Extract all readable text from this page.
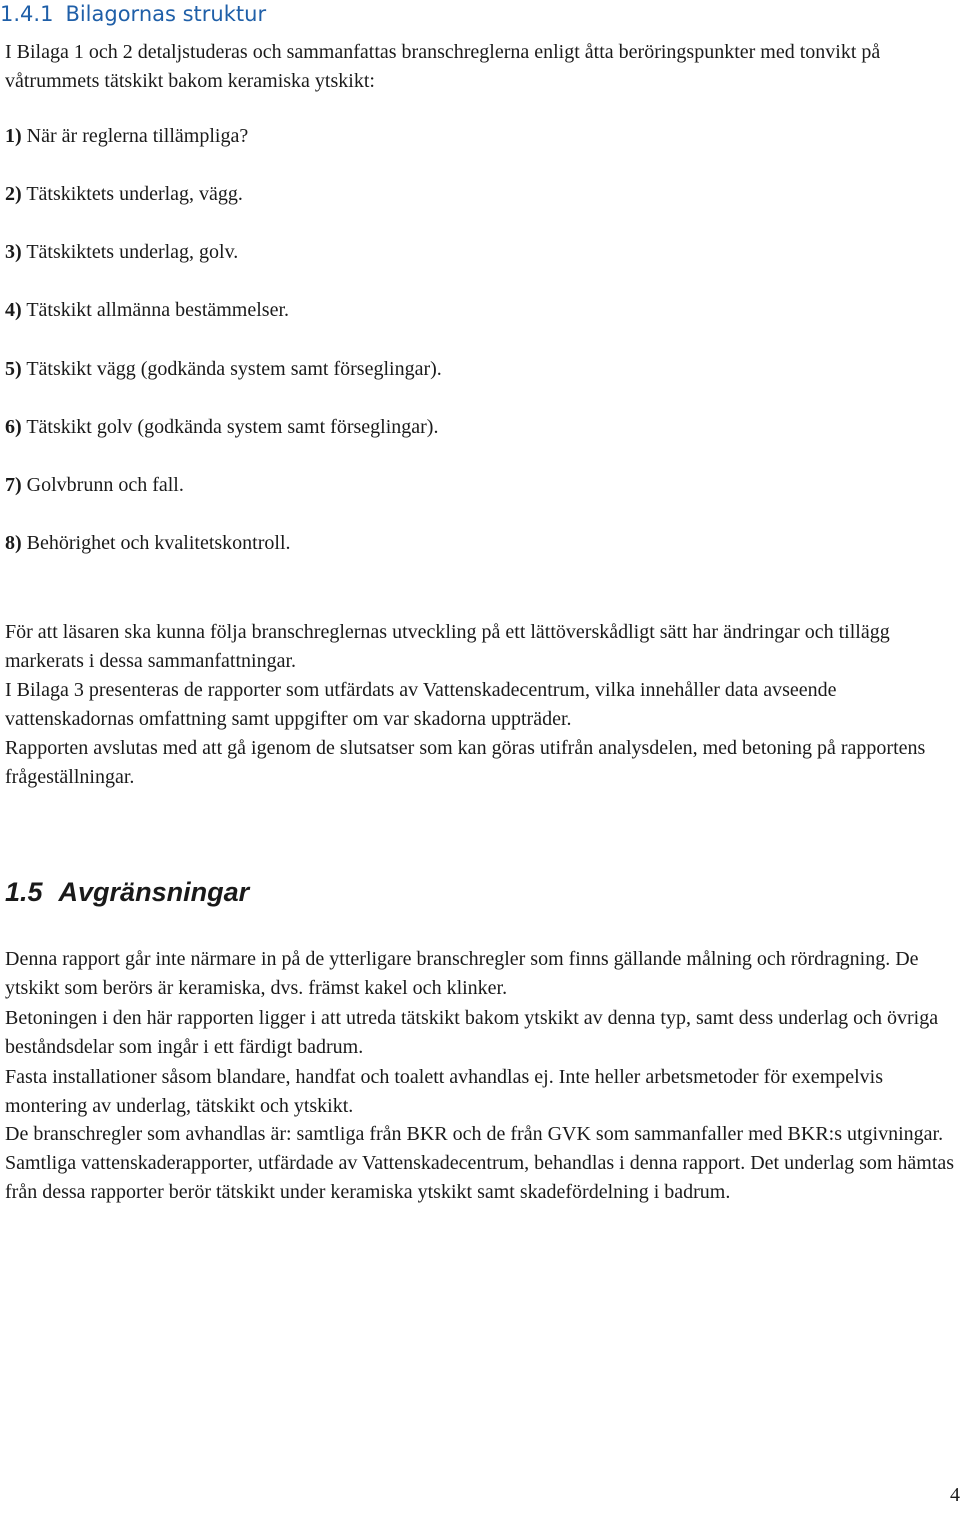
1.4.1 Bilagornas struktur

I Bilaga 1 och 2 detaljstuderas och sammanfattas branschreglerna enligt åtta beröringspunkter med tonvikt på våtrummets tätskikt bakom keramiska ytskikt:

1) När är reglerna tillämpliga?

2) Tätskiktets underlag, vägg.

3) Tätskiktets underlag, golv.

4) Tätskikt allmänna bestämmelser.

5) Tätskikt vägg (godkända system samt förseglingar).

6) Tätskikt golv (godkända system samt förseglingar).

7) Golvbrunn och fall.

8) Behörighet och kvalitetskontroll.

För att läsaren ska kunna följa branschreglernas utveckling på ett lättöverskådligt sätt har ändringar och tillägg markerats i dessa sammanfattningar.

I Bilaga 3 presenteras de rapporter som utfärdats av Vattenskadecentrum, vilka innehåller data avseende vattenskadornas omfattning samt uppgifter om var skadorna uppträder.

Rapporten avslutas med att gå igenom de slutsatser som kan göras utifrån analysdelen, med betoning på rapportens frågeställningar.

1.5 Avgränsningar

Denna rapport går inte närmare in på de ytterligare branschregler som finns gällande målning och rördragning. De ytskikt som berörs är keramiska, dvs. främst kakel och klinker.

Betoningen i den här rapporten ligger i att utreda tätskikt bakom ytskikt av denna typ, samt dess underlag och övriga beståndsdelar som ingår i ett färdigt badrum.

Fasta installationer såsom blandare, handfat och toalett avhandlas ej. Inte heller arbetsmetoder för exempelvis montering av underlag, tätskikt och ytskikt.

De branschregler som avhandlas är: samtliga från BKR och de från GVK som sammanfaller med BKR:s utgivningar. Samtliga vattenskaderapporter, utfärdade av Vattenskadecentrum, behandlas i denna rapport. Det underlag som hämtas från dessa rapporter berör tätskikt under keramiska ytskikt samt skadefördelning i badrum.

4
